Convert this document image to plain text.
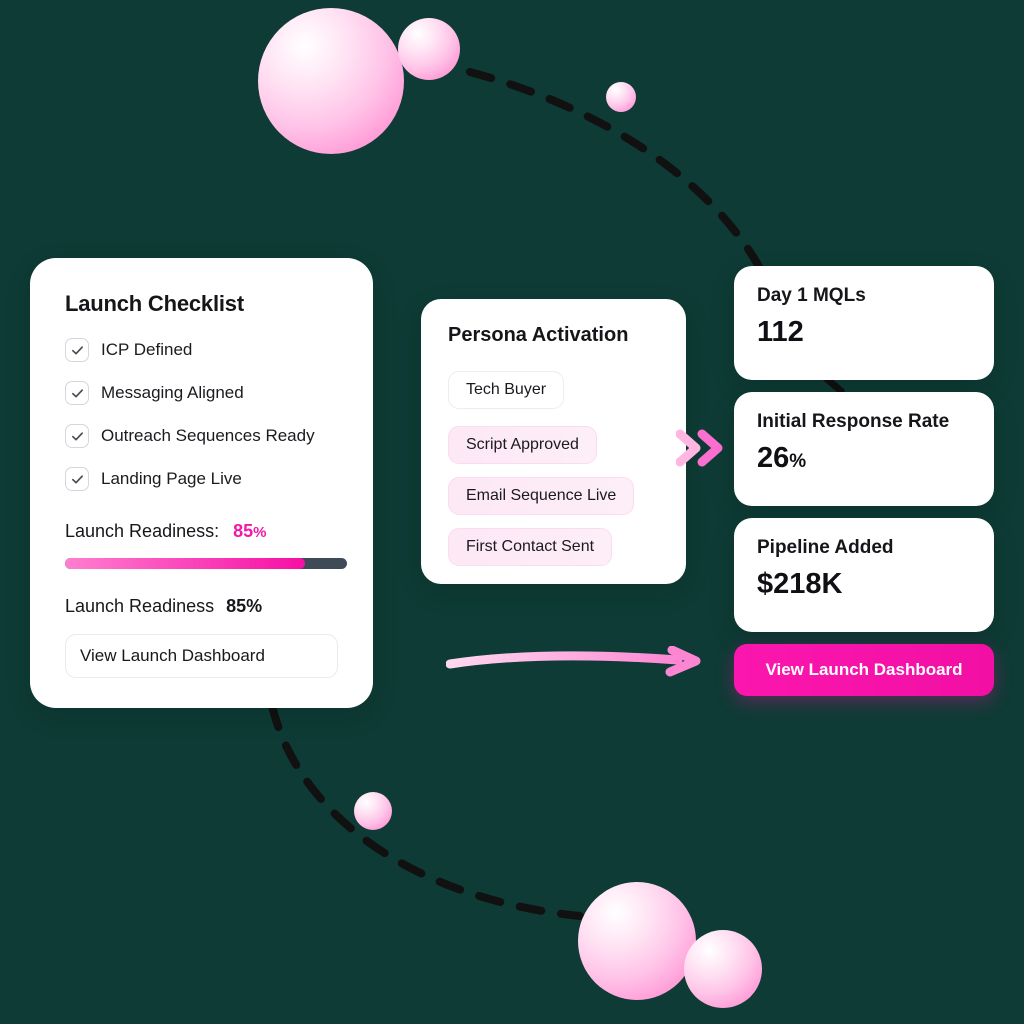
Launch Checklist
ICP Defined
Messaging Aligned
Outreach Sequences Ready
Landing Page Live
Launch Readiness: 85%
Launch Readiness 85%
View Launch Dashboard
Persona Activation
Tech Buyer
Script Approved
Email Sequence Live
First Contact Sent
Day 1 MQLs
112
Initial Response Rate
26%
Pipeline Added
$218K
View Launch Dashboard
